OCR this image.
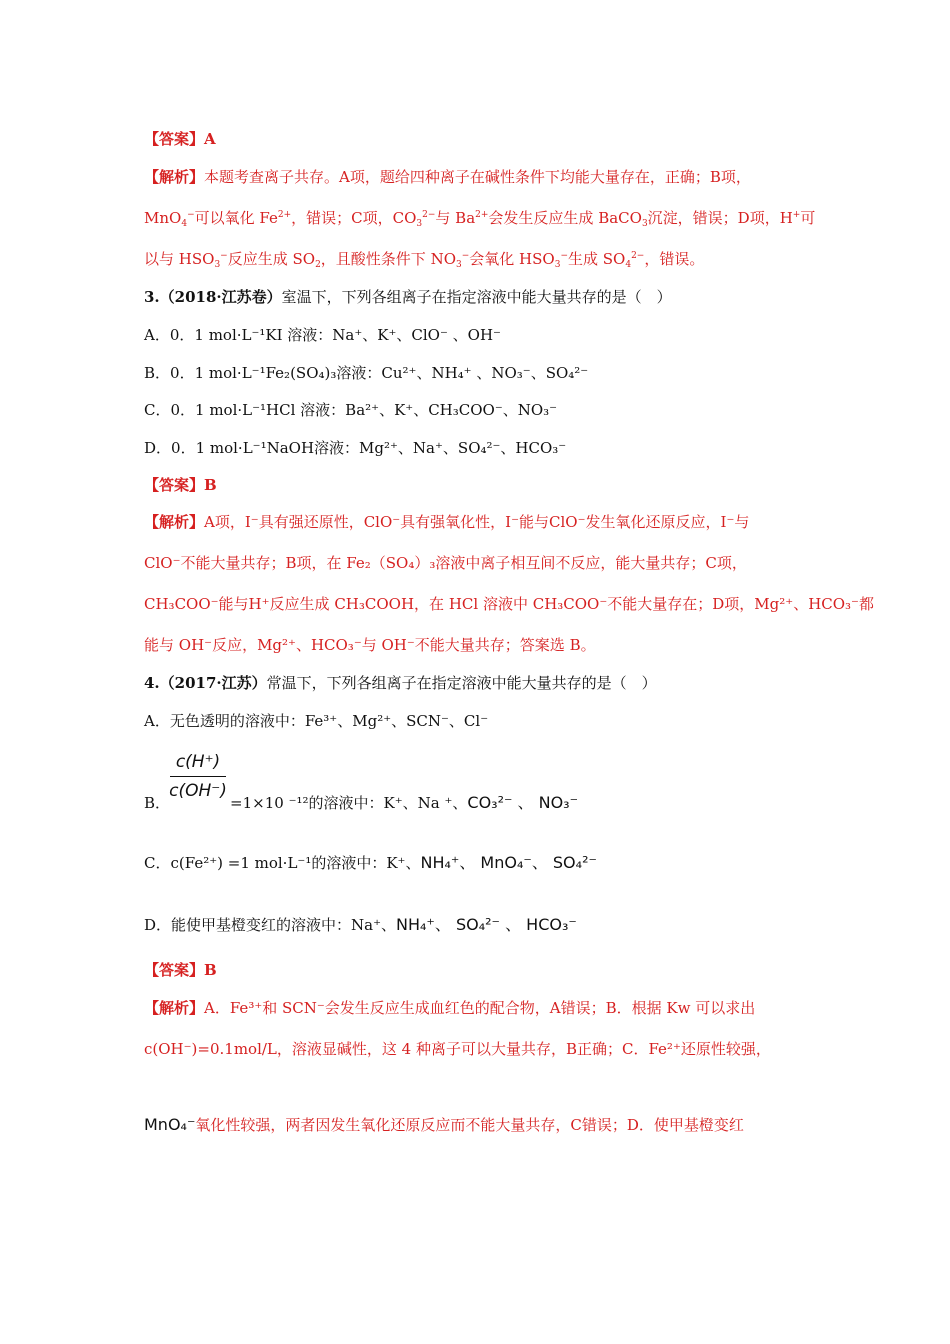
【答案】A
【解析】本题考查离子共存。A项，题给四种离子在碱性条件下均能大量存在，正确；B项，
MnO$_4$−可以氧化 $Fe^{2+}$，错误；C项，$CO_3^{2-}$与 $Ba^{2+}$会发生反应生成 BaCO$_3$沉淀，错误；D项，H+可
以与 $HSO_3^-$反应生成 $SO_2$，且酸性条件下 $NO_3^-$会氧化 $HSO_3^-$生成 $SO_4^{2-}$，错误。
3.（2018·江苏卷）室温下，下列各组离子在指定溶液中能大量共存的是（　）
A．0．1 mol·L⁻¹KI 溶液：Na⁺、K⁺、ClO⁻ 、OH⁻
B．0．1 mol·L⁻¹Fe₂(SO₄)₃溶液：Cu²⁺、NH₄⁺ 、NO₃⁻、SO₄²⁻
C．0．1 mol·L⁻¹HCl 溶液：Ba²⁺、K⁺、CH₃COO⁻、NO₃⁻
D．0．1 mol·L⁻¹NaOH溶液：Mg²⁺、Na⁺、SO₄²⁻、HCO₃⁻
【答案】B
【解析】A项，I⁻具有强还原性，ClO⁻具有强氧化性，I⁻能与ClO⁻发生氧化还原反应，I⁻与
ClO⁻不能大量共存；B项，在 Fe₂（SO₄）₃溶液中离子相互间不反应，能大量共存；C项，
CH₃COO⁻能与H⁺反应生成 CH₃COOH，在 HCl 溶液中 CH₃COO⁻不能大量存在；D项，Mg²⁺、HCO₃⁻都
能与 OH⁻反应，Mg²⁺、HCO₃⁻与 OH⁻不能大量共存；答案选 B。
4.（2017·江苏）常温下，下列各组离子在指定溶液中能大量共存的是（　）
A．无色透明的溶液中：Fe³⁺、Mg²⁺、SCN⁻、Cl⁻
c(H⁺)
c(OH⁻)
B．	=1×10 ⁻¹²的溶液中：K⁺、Na ⁺、CO₃²⁻ 、 NO₃⁻
C．c(Fe²⁺) =1 mol·L⁻¹的溶液中：K⁺、NH₄⁺、 MnO₄⁻、 SO₄²⁻
D．能使甲基橙变红的溶液中：Na⁺、NH₄⁺、 SO₄²⁻ 、 HCO₃⁻
【答案】B
【解析】A．Fe³⁺和 SCN⁻会发生反应生成血红色的配合物，A错误；B．根据 Kw 可以求出
c(OH⁻)=0.1mol/L，溶液显碱性，这 4 种离子可以大量共存，B正确；C．Fe²⁺还原性较强，
MnO₄⁻氧化性较强，两者因发生氧化还原反应而不能大量共存，C错误；D．使甲基橙变红
